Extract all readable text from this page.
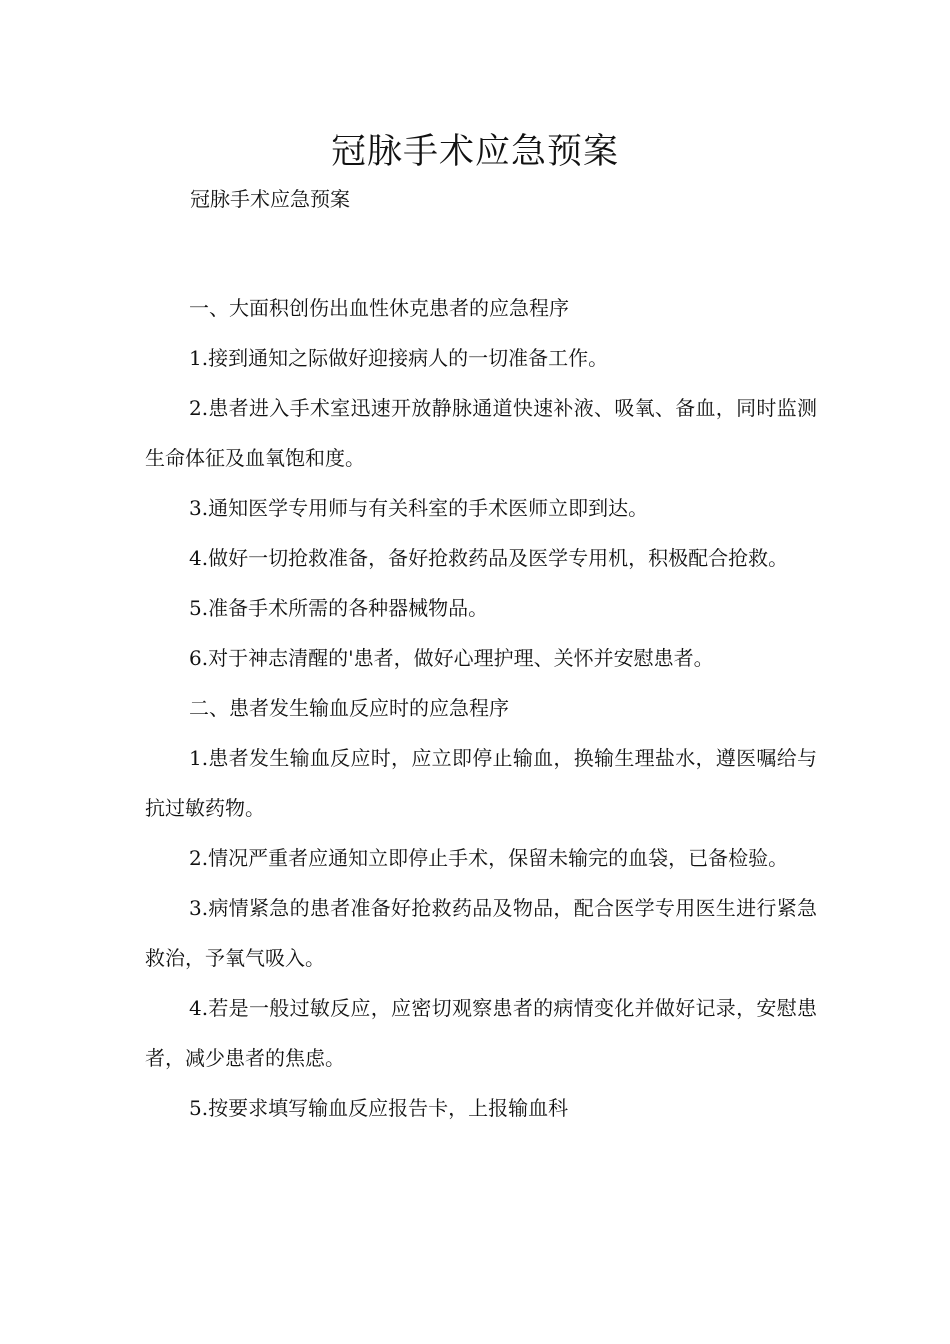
冠脉手术应急预案

冠脉手术应急预案

一、大面积创伤出血性休克患者的应急程序

1.接到通知之际做好迎接病人的一切准备工作。

2.患者进入手术室迅速开放静脉通道快速补液、吸氧、备血，同时监测生命体征及血氧饱和度。

3.通知医学专用师与有关科室的手术医师立即到达。

4.做好一切抢救准备，备好抢救药品及医学专用机，积极配合抢救。

5.准备手术所需的各种器械物品。

6.对于神志清醒的'患者，做好心理护理、关怀并安慰患者。

二、患者发生输血反应时的应急程序

1.患者发生输血反应时，应立即停止输血，换输生理盐水，遵医嘱给与抗过敏药物。

2.情况严重者应通知立即停止手术，保留未输完的血袋，已备检验。

3.病情紧急的患者准备好抢救药品及物品，配合医学专用医生进行紧急救治，予氧气吸入。

4.若是一般过敏反应，应密切观察患者的病情变化并做好记录，安慰患者，减少患者的焦虑。

5.按要求填写输血反应报告卡，上报输血科
